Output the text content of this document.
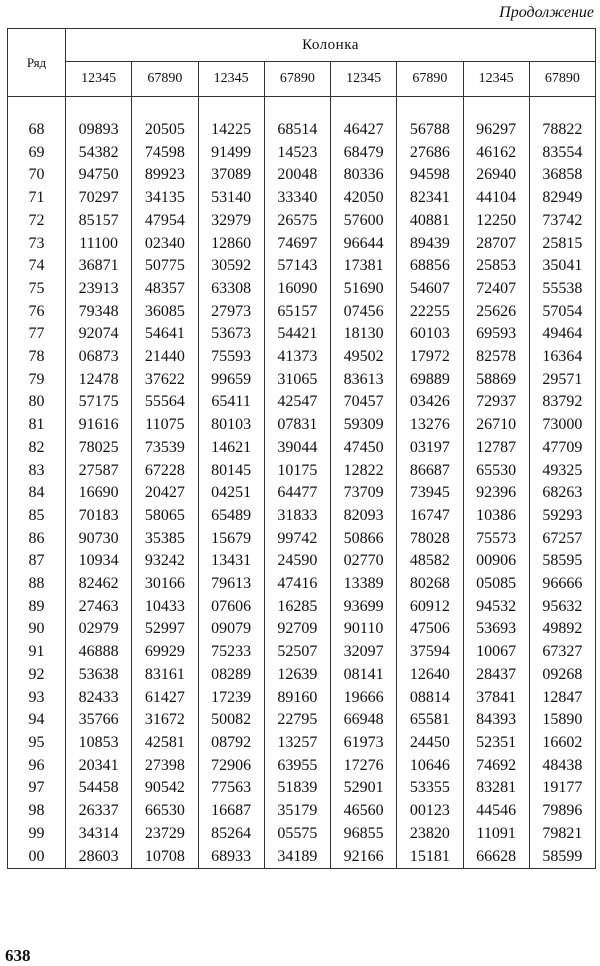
Продолжение
Ряд	Колонка							
	12345	67890	12345	67890	12345	67890	12345	67890

68	09893	20505	14225	68514	46427	56788	96297	78822
69	54382	74598	91499	14523	68479	27686	46162	83554
70	94750	89923	37089	20048	80336	94598	26940	36858
71	70297	34135	53140	33340	42050	82341	44104	82949
72	85157	47954	32979	26575	57600	40881	12250	73742
73	11100	02340	12860	74697	96644	89439	28707	25815
74	36871	50775	30592	57143	17381	68856	25853	35041
75	23913	48357	63308	16090	51690	54607	72407	55538
76	79348	36085	27973	65157	07456	22255	25626	57054
77	92074	54641	53673	54421	18130	60103	69593	49464
78	06873	21440	75593	41373	49502	17972	82578	16364
79	12478	37622	99659	31065	83613	69889	58869	29571
80	57175	55564	65411	42547	70457	03426	72937	83792
81	91616	11075	80103	07831	59309	13276	26710	73000
82	78025	73539	14621	39044	47450	03197	12787	47709
83	27587	67228	80145	10175	12822	86687	65530	49325
84	16690	20427	04251	64477	73709	73945	92396	68263
85	70183	58065	65489	31833	82093	16747	10386	59293
86	90730	35385	15679	99742	50866	78028	75573	67257
87	10934	93242	13431	24590	02770	48582	00906	58595
88	82462	30166	79613	47416	13389	80268	05085	96666
89	27463	10433	07606	16285	93699	60912	94532	95632
90	02979	52997	09079	92709	90110	47506	53693	49892
91	46888	69929	75233	52507	32097	37594	10067	67327
92	53638	83161	08289	12639	08141	12640	28437	09268
93	82433	61427	17239	89160	19666	08814	37841	12847
94	35766	31672	50082	22795	66948	65581	84393	15890
95	10853	42581	08792	13257	61973	24450	52351	16602
96	20341	27398	72906	63955	17276	10646	74692	48438
97	54458	90542	77563	51839	52901	53355	83281	19177
98	26337	66530	16687	35179	46560	00123	44546	79896
99	34314	23729	85264	05575	96855	23820	11091	79821
00	28603	10708	68933	34189	92166	15181	66628	58599
638
